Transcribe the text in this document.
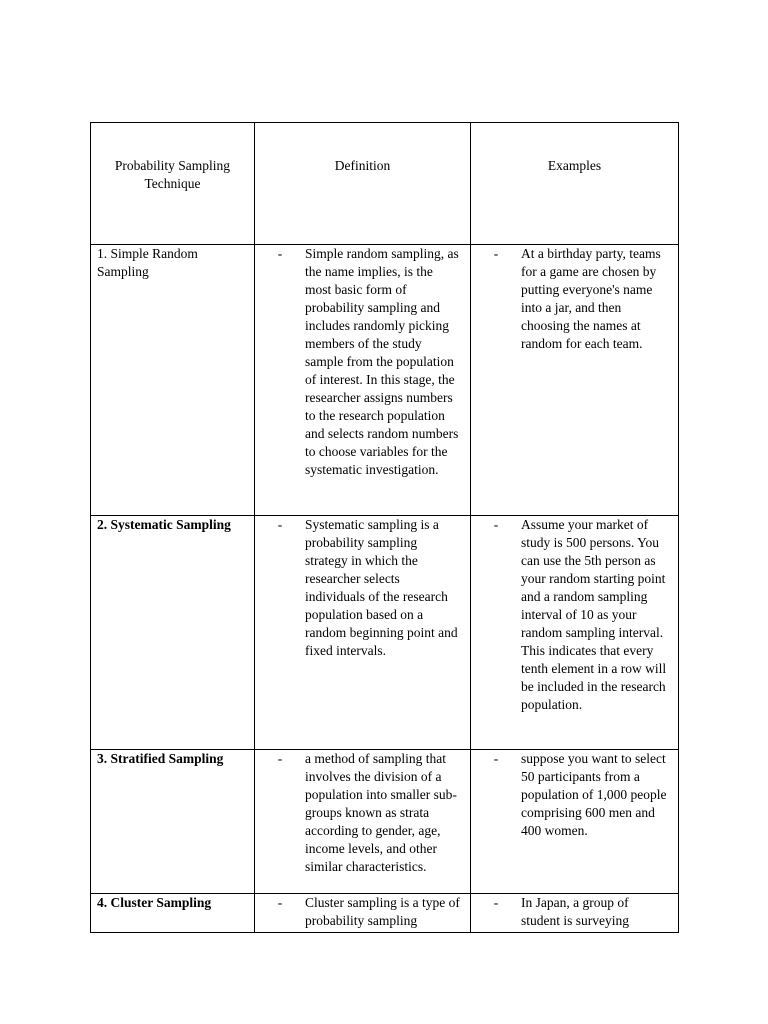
Probability Sampling Technique	Definition	Examples

1. Simple Random Sampling	- Simple random sampling, as the name implies, is the most basic form of probability sampling and includes randomly picking members of the study sample from the population of interest. In this stage, the researcher assigns numbers to the research population and selects random numbers to choose variables for the systematic investigation.	- At a birthday party, teams for a game are chosen by putting everyone's name into a jar, and then choosing the names at random for each team.

2. Systematic Sampling	- Systematic sampling is a probability sampling strategy in which the researcher selects individuals of the research population based on a random beginning point and fixed intervals.	- Assume your market of study is 500 persons. You can use the 5th person as your random starting point and a random sampling interval of 10 as your random sampling interval. This indicates that every tenth element in a row will be included in the research population.

3. Stratified Sampling	- a method of sampling that involves the division of a population into smaller sub-groups known as strata according to gender, age, income levels, and other similar characteristics.	- suppose you want to select 50 participants from a population of 1,000 people comprising 600 men and 400 women.

4. Cluster Sampling	- Cluster sampling is a type of probability sampling	- In Japan, a group of student is surveying
